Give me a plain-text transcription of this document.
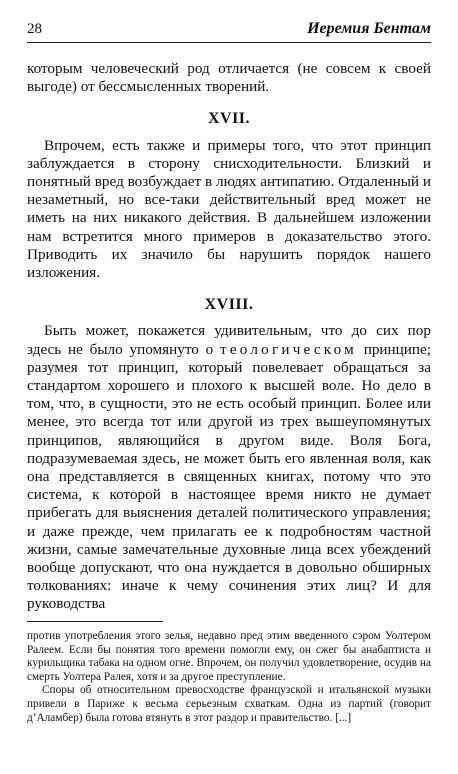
28	Иеремия Бентам

которым человеческий род отличается (не совсем к своей выгоде) от бессмысленных творений.

XVII.

Впрочем, есть также и примеры того, что этот принцип заблуждается в сторону снисходительности. Близкий и понятный вред возбуждает в людях антипатию. Отдаленный и незаметный, но все-таки действительный вред может не иметь на них никакого действия. В дальнейшем изложении нам встретится много примеров в доказательство этого. Приводить их значило бы нарушить порядок нашего изложения.

XVIII.

Быть может, покажется удивительным, что до сих пор здесь не было упомянуто о теологическом принципе; разумея тот принцип, который повелевает обращаться за стандартом хорошего и плохого к высшей воле. Но дело в том, что, в сущности, это не есть особый принцип. Более или менее, это всегда тот или другой из трех вышеупомянутых принципов, являющийся в другом виде. Воля Бога, подразумеваемая здесь, не может быть его явленная воля, как она представляется в священных книгах, потому что это система, к которой в настоящее время никто не думает прибегать для выяснения деталей политического управления; и даже прежде, чем прилагать ее к подробностям частной жизни, самые замечательные духовные лица всех убеждений вообще допускают, что она нуждается в довольно обширных толкованиях: иначе к чему сочинения этих лиц? И для руководства

против употребления этого зелья, недавно пред этим введенного сэром Уолтером Ралеем. Если бы понятия того времени помогли ему, он сжег бы анабаптиста и курильщика табака на одном огне. Впрочем, он получил удовлетворение, осудив на смерть Уолтера Ралея, хотя и за другое преступление.

Споры об относительном превосходстве французской и итальянской музыки привели в Париже к весьма серьезным схваткам. Одна из партий (говорит д’Аламбер) была готова втянуть в этот раздор и правительство. [...]
